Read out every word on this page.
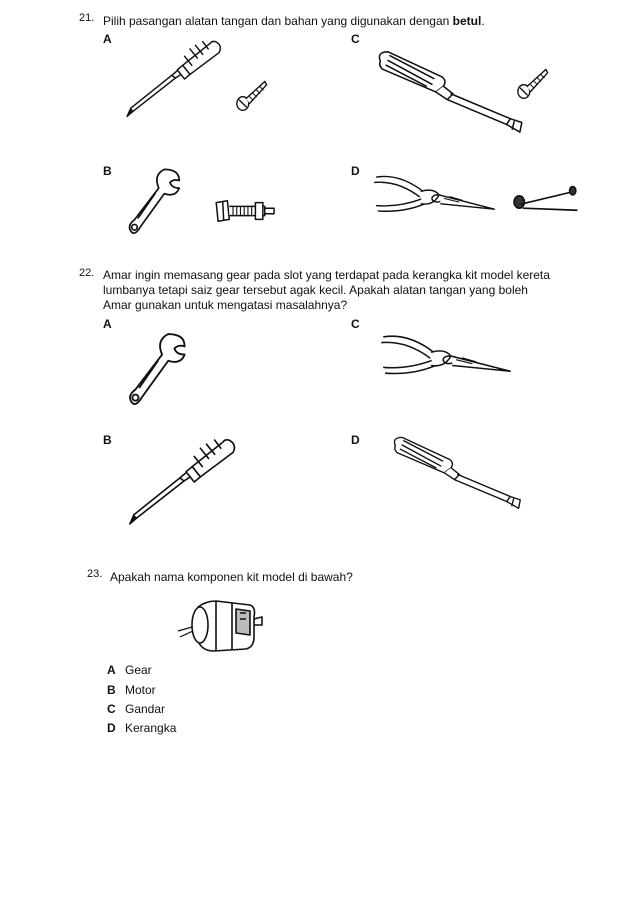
21. Pilih pasangan alatan tangan dan bahan yang digunakan dengan betul.
A	C
B	D
22. Amar ingin memasang gear pada slot yang terdapat pada kerangka kit model kereta
lumbanya tetapi saiz gear tersebut agak kecil. Apakah alatan tangan yang boleh
Amar gunakan untuk mengatasi masalahnya?
A	C
B	D
23. Apakah nama komponen kit model di bawah?
A Gear
B Motor
C Gandar
D Kerangka
